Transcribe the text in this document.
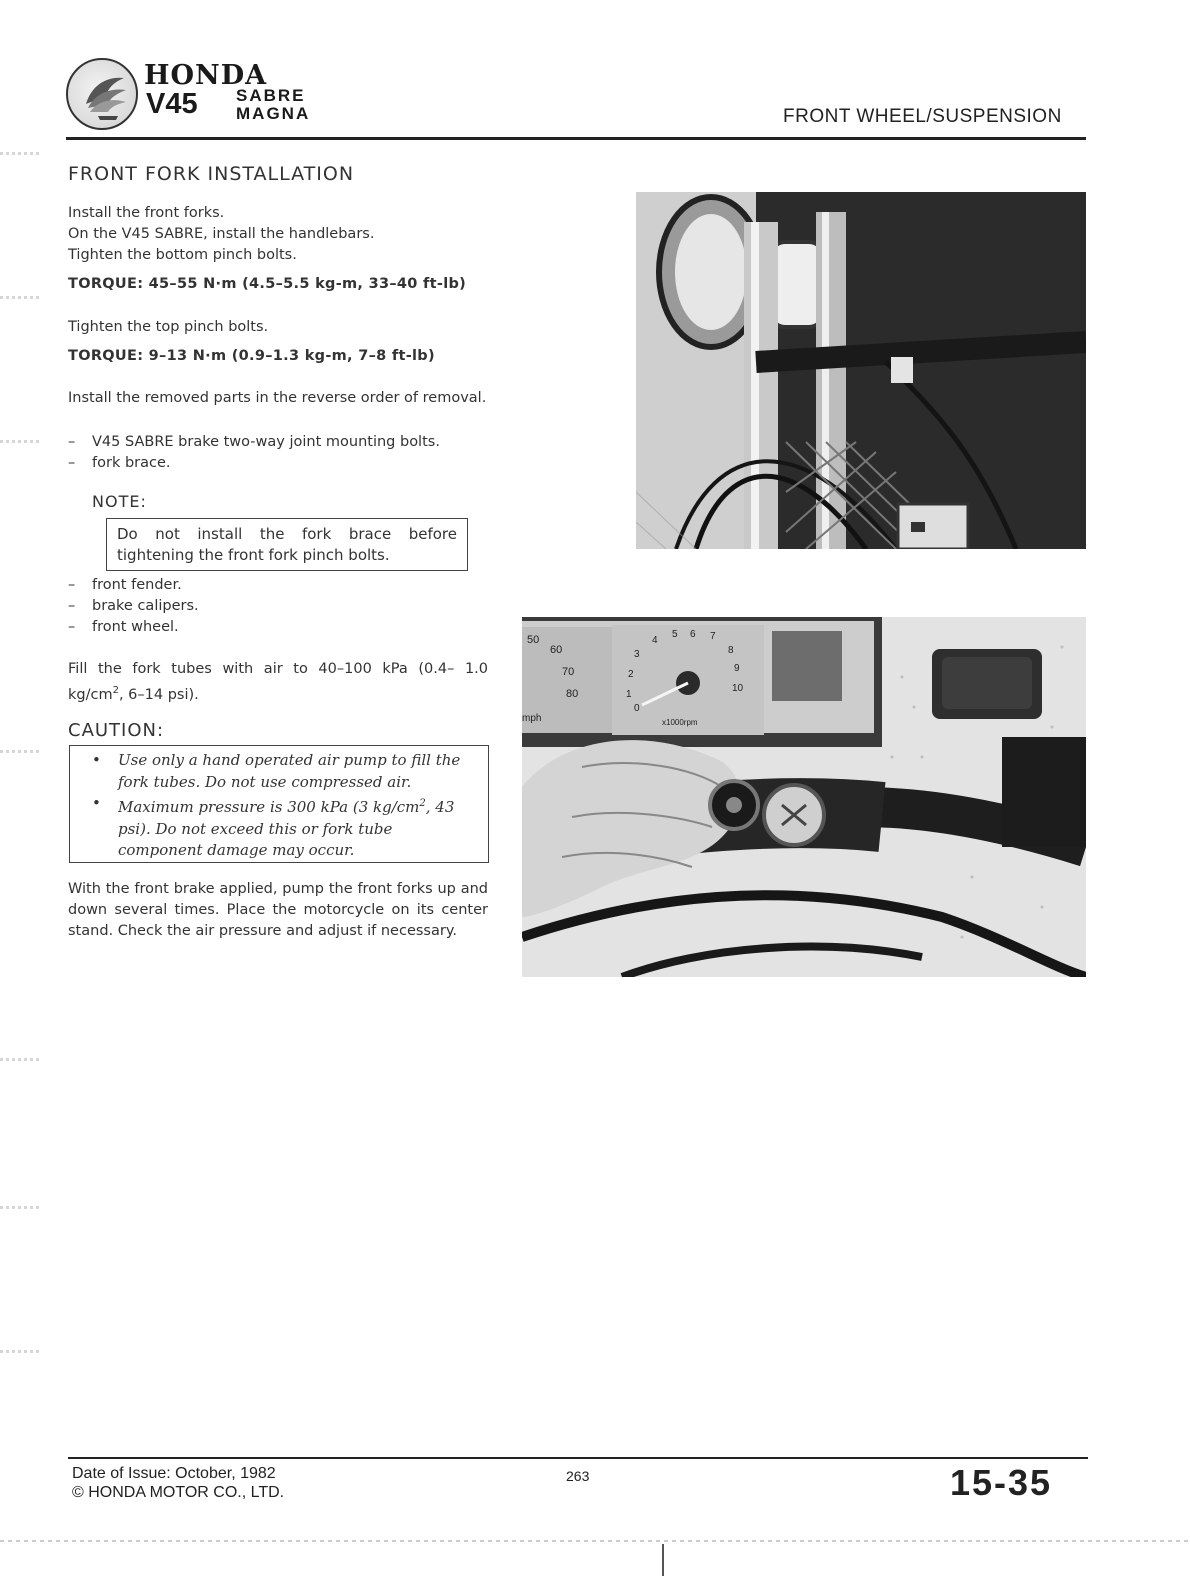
HONDA
V45 SABRE
MAGNA	FRONT WHEEL/SUSPENSION
FRONT FORK INSTALLATION
Install the front forks.
On the V45 SABRE, install the handlebars.
Tighten the bottom pinch bolts.
TORQUE: 45–55 N·m (4.5–5.5 kg-m, 33–40 ft-lb)
Tighten the top pinch bolts.
TORQUE: 9–13 N·m (0.9–1.3 kg-m, 7–8 ft-lb)
Install the removed parts in the reverse order of removal.
– V45 SABRE brake two-way joint mounting bolts.
– fork brace.
NOTE:
Do not install the fork brace before tightening the front fork pinch bolts.
– front fender.
– brake calipers.
– front wheel.
Fill the fork tubes with air to 40–100 kPa (0.4– 1.0 $kg/cm^2$, 6–14 psi).
CAUTION:
• Use only a hand operated air pump to fill the fork tubes. Do not use compressed air.
• Maximum pressure is 300 kPa (3 $kg/cm^2$, 43 psi). Do not exceed this or fork tube component damage may occur.
With the front brake applied, pump the front forks up and down several times. Place the motorcycle on its center stand. Check the air pressure and adjust if necessary.
50
60
70
80
mph
4
5 6 7
3	8
2
9
1
10
0
x1000rpm
Date of Issue: October, 1982
© HONDA MOTOR CO., LTD.
263	15-35
